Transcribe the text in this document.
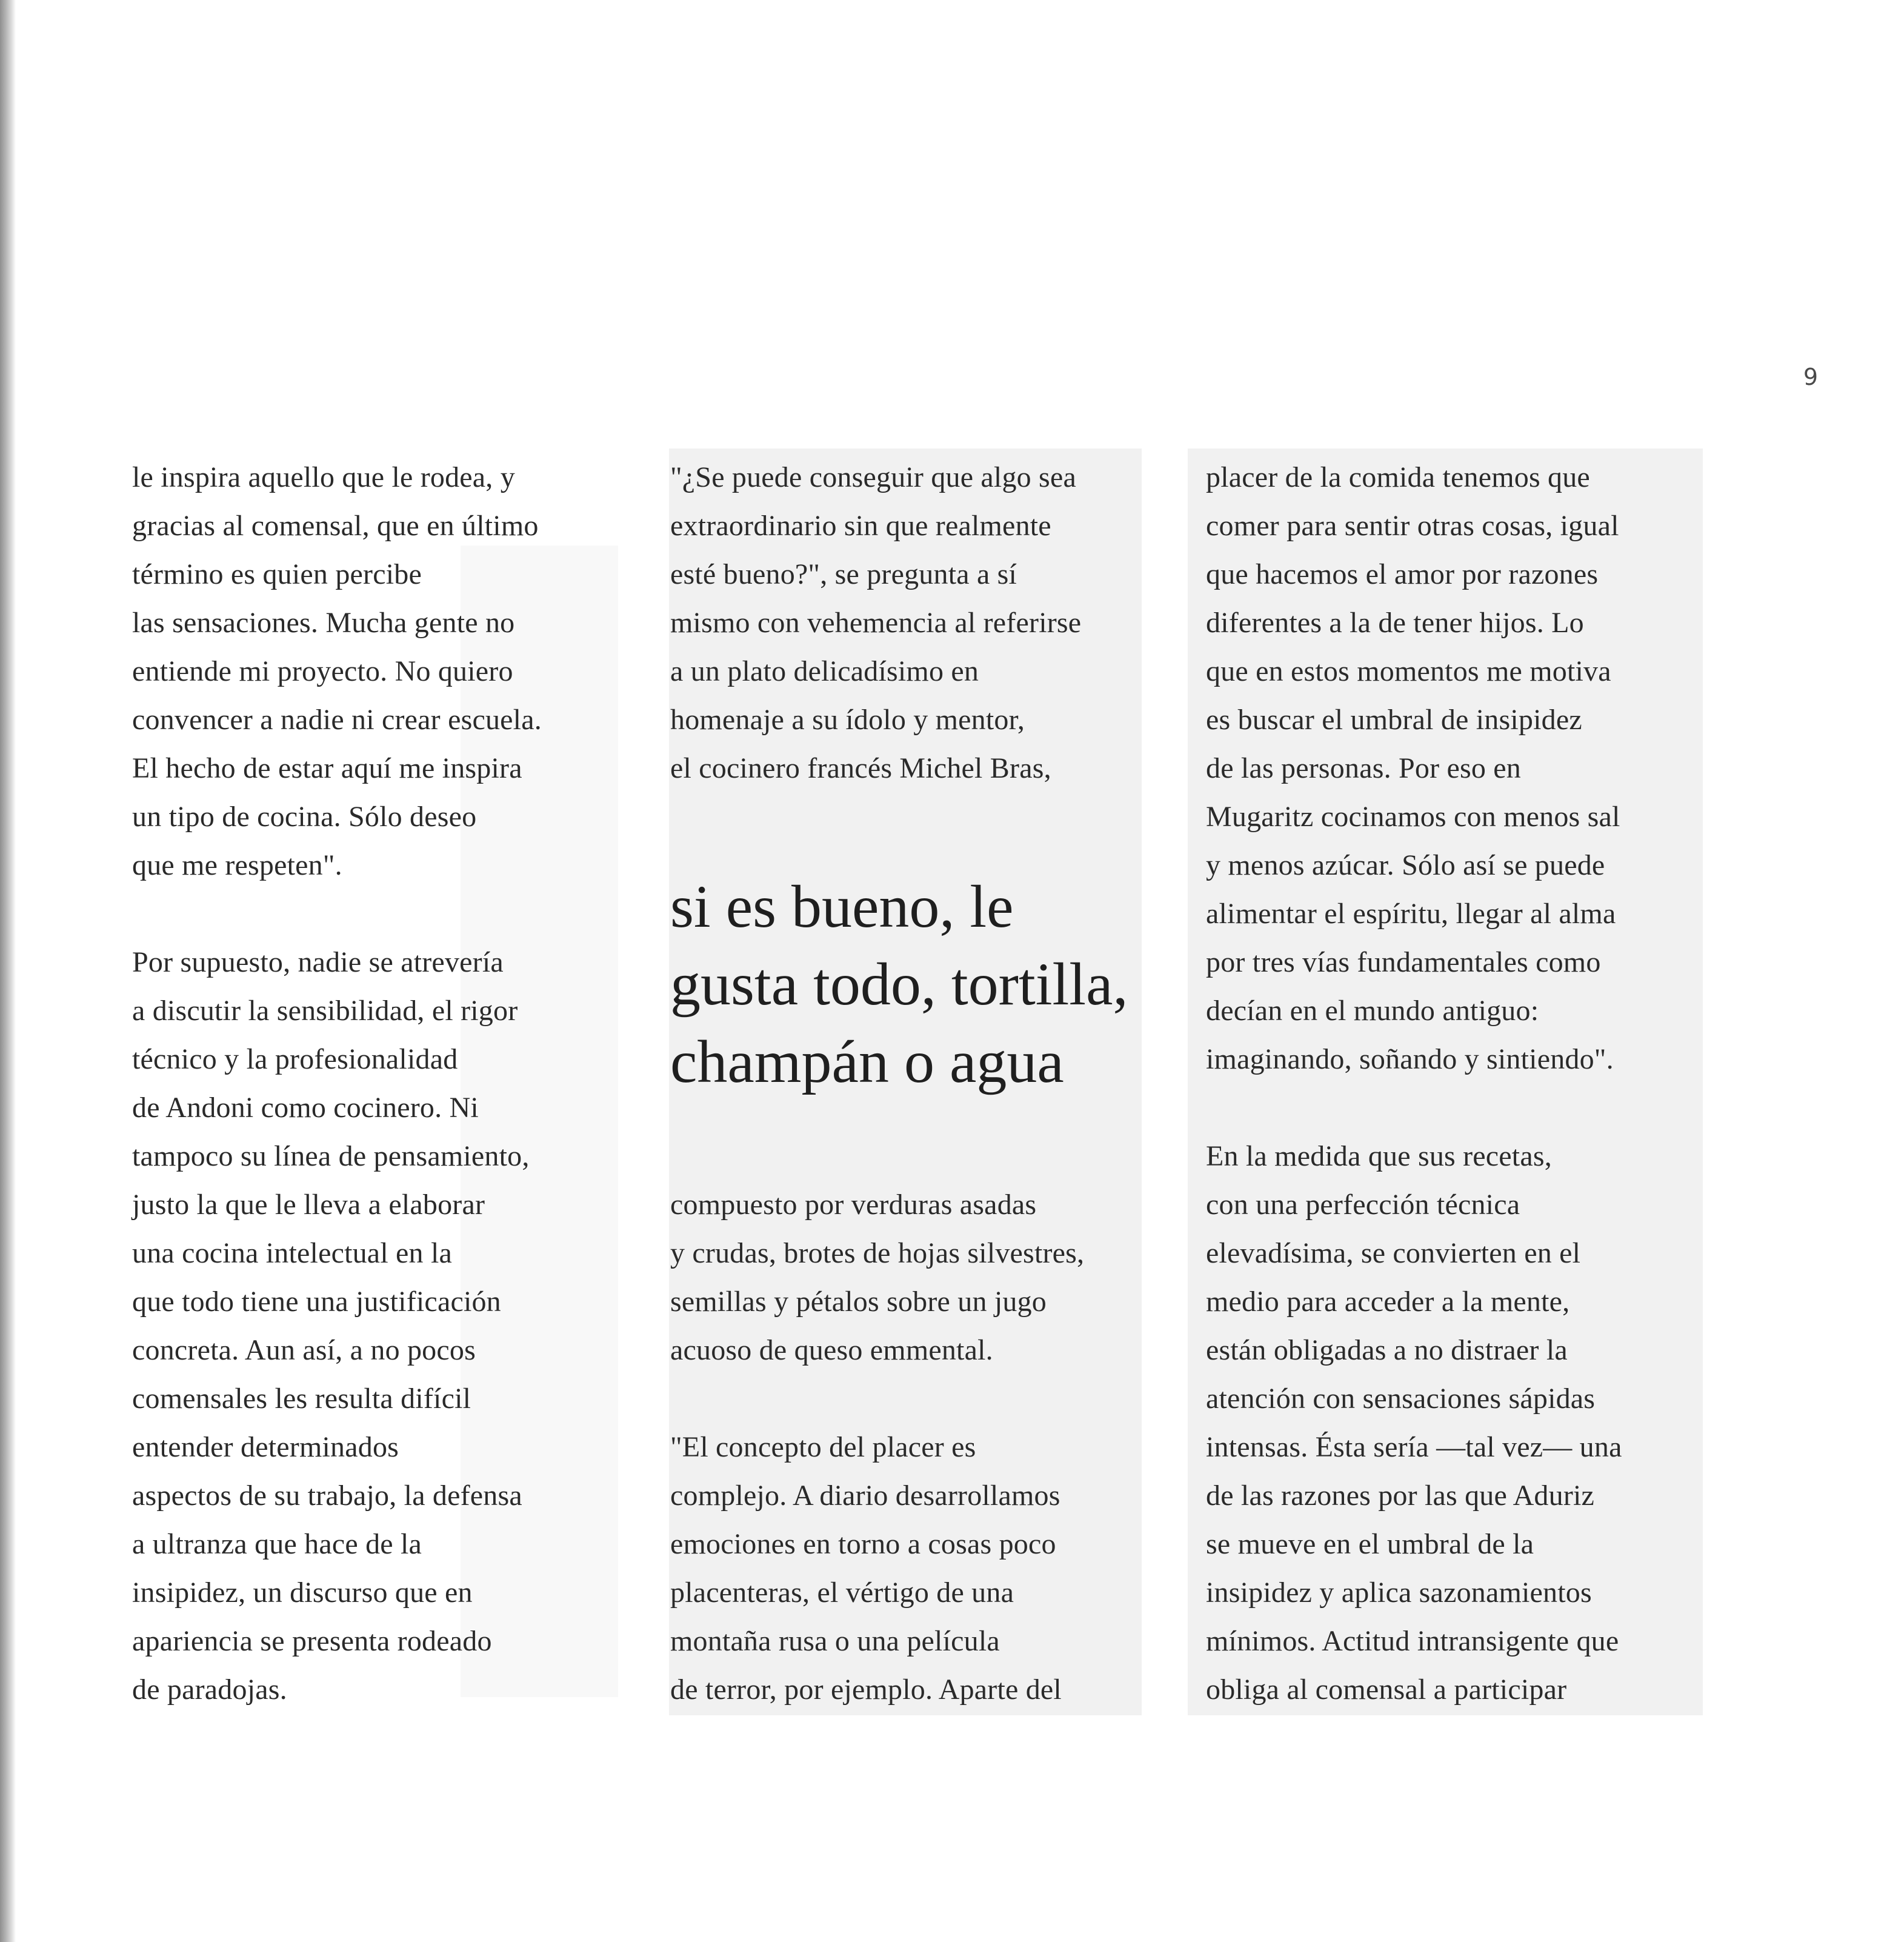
9

le inspira aquello que le rodea, y
gracias al comensal, que en último
término es quien percibe
las sensaciones. Mucha gente no
entiende mi proyecto. No quiero
convencer a nadie ni crear escuela.
El hecho de estar aquí me inspira
un tipo de cocina. Sólo deseo
que me respeten".

Por supuesto, nadie se atrevería
a discutir la sensibilidad, el rigor
técnico y la profesionalidad
de Andoni como cocinero. Ni
tampoco su línea de pensamiento,
justo la que le lleva a elaborar
una cocina intelectual en la
que todo tiene una justificación
concreta. Aun así, a no pocos
comensales les resulta difícil
entender determinados
aspectos de su trabajo, la defensa
a ultranza que hace de la
insipidez, un discurso que en
apariencia se presenta rodeado
de paradojas.

"¿Se puede conseguir que algo sea
extraordinario sin que realmente
esté bueno?", se pregunta a sí
mismo con vehemencia al referirse
a un plato delicadísimo en
homenaje a su ídolo y mentor,
el cocinero francés Michel Bras,

si es bueno, le
gusta todo, tortilla,
champán o agua

compuesto por verduras asadas
y crudas, brotes de hojas silvestres,
semillas y pétalos sobre un jugo
acuoso de queso emmental.

"El concepto del placer es
complejo. A diario desarrollamos
emociones en torno a cosas poco
placenteras, el vértigo de una
montaña rusa o una película
de terror, por ejemplo. Aparte del

placer de la comida tenemos que
comer para sentir otras cosas, igual
que hacemos el amor por razones
diferentes a la de tener hijos. Lo
que en estos momentos me motiva
es buscar el umbral de insipidez
de las personas. Por eso en
Mugaritz cocinamos con menos sal
y menos azúcar. Sólo así se puede
alimentar el espíritu, llegar al alma
por tres vías fundamentales como
decían en el mundo antiguo:
imaginando, soñando y sintiendo".

En la medida que sus recetas,
con una perfección técnica
elevadísima, se convierten en el
medio para acceder a la mente,
están obligadas a no distraer la
atención con sensaciones sápidas
intensas. Ésta sería —tal vez— una
de las razones por las que Aduriz
se mueve en el umbral de la
insipidez y aplica sazonamientos
mínimos. Actitud intransigente que
obliga al comensal a participar
